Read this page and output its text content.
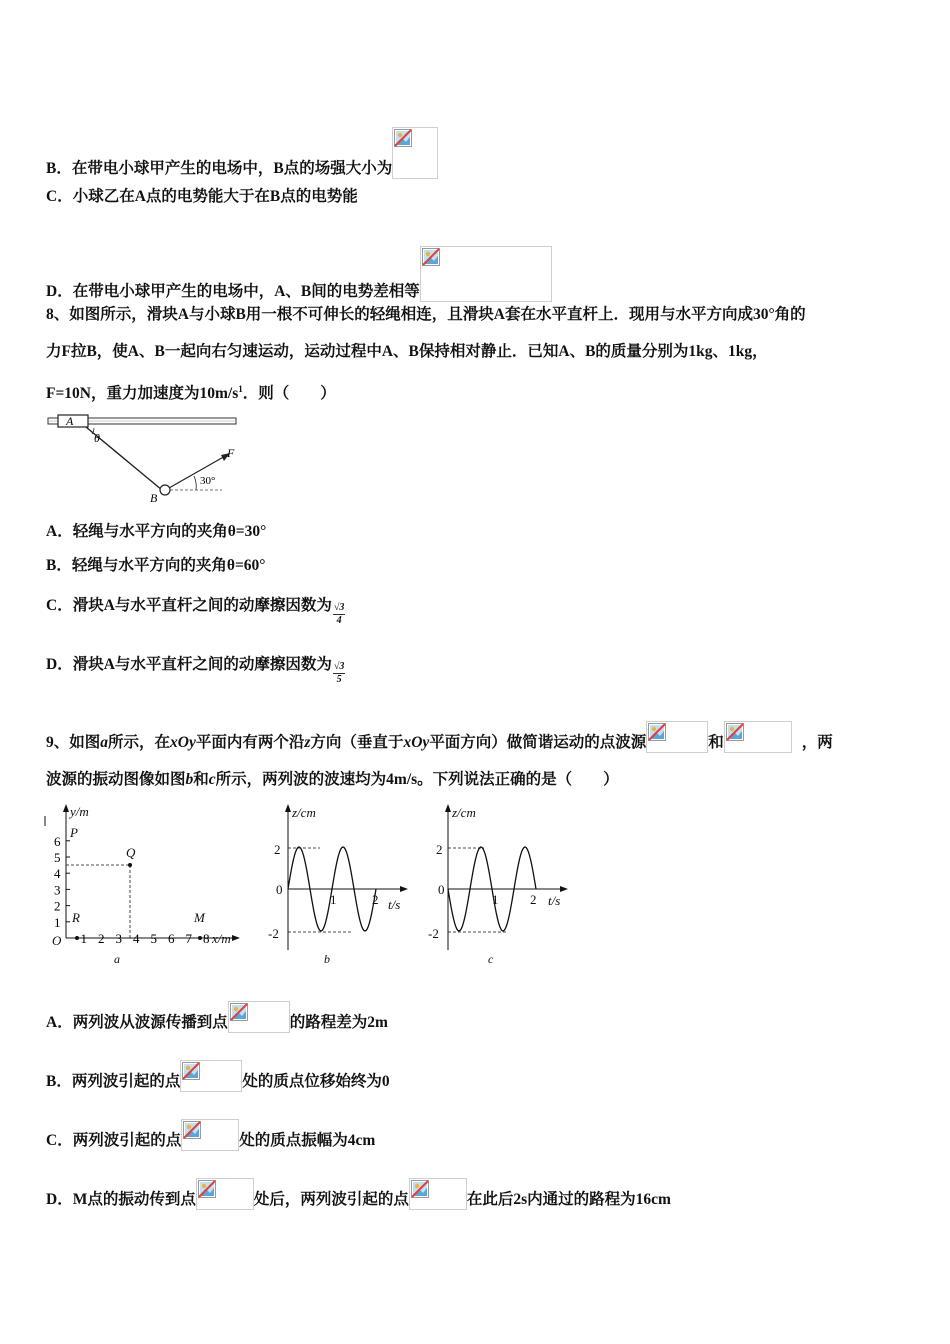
B．在带电小球甲产生的电场中，B点的场强大小为
C．小球乙在A点的电势能大于在B点的电势能
D．在带电小球甲产生的电场中，A、B间的电势差相等
8、如图所示，滑块A与小球B用一根不可伸长的轻绳相连，且滑块A套在水平直杆上．现用与水平方向成30°角的
力F拉B，使A、B一起向右匀速运动，运动过程中A、B保持相对静止．已知A、B的质量分别为1kg、1kg，
F=10N，重力加速度为$10m/s^1$．则（　　）
A
θ
B
F
30°
A．轻绳与水平方向的夹角θ=30°
B．轻绳与水平方向的夹角θ=60°
C．滑块A与水平直杆之间的动摩擦因数为 $\frac{√3}{4}$
D．滑块A与水平直杆之间的动摩擦因数为 $\frac{√3}{5}$
9、如图a所示，在xOy平面内有两个沿z方向（垂直于xOy平面方向）做简谐运动的点波源	和	，两
波源的振动图像如图b和c所示，两列波的波速均为4m/s。下列说法正确的是（　　）
y/m
x/m
O
P
Q
R	M
a
1
2
3
4
5
6
1 2 3 4 5 6 7 8
z/cm
t/s
2
-2
0
1	2
b
z/cm
t/s
2
-2
0
1 2
c
A．两列波从波源传播到点	的路程差为2m
B．两列波引起的点	处的质点位移始终为0
C．两列波引起的点	处的质点振幅为4cm
D．M点的振动传到点	处后，两列波引起的点	在此后2s内通过的路程为16cm
